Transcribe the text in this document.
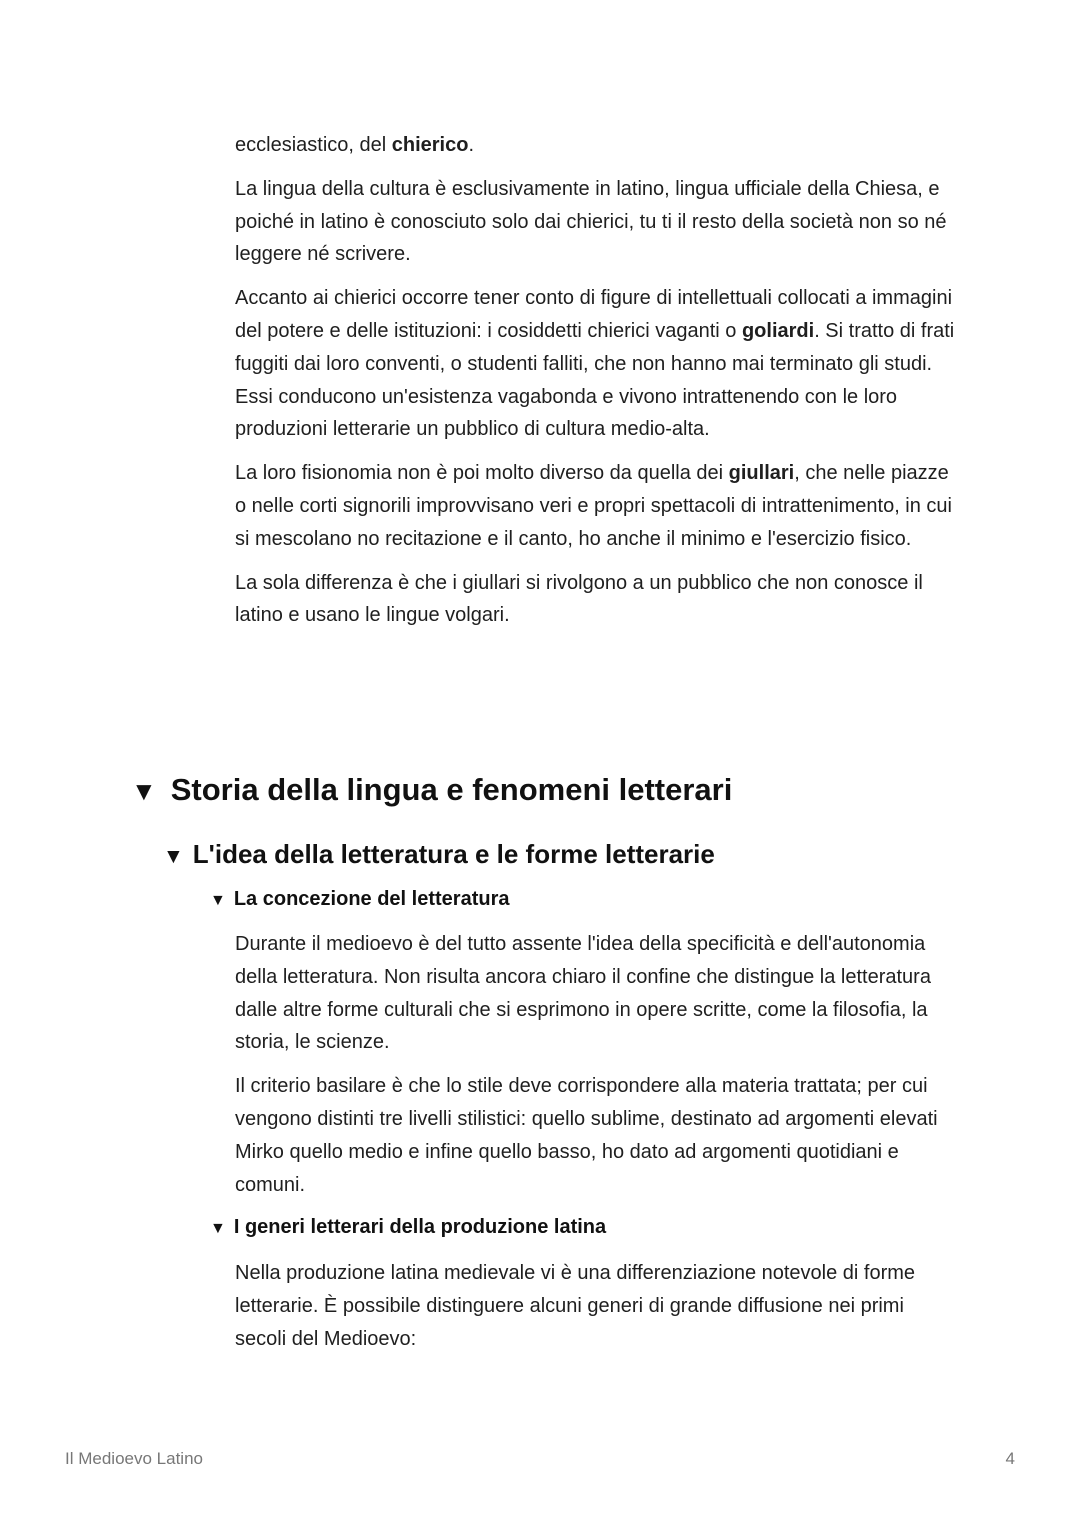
ecclesiastico, del chierico.

La lingua della cultura è esclusivamente in latino, lingua ufficiale della Chiesa, e poiché in latino è conosciuto solo dai chierici, tu ti il resto della società non so né leggere né scrivere.

Accanto ai chierici occorre tener conto di figure di intellettuali collocati a immagini del potere e delle istituzioni: i cosiddetti chierici vaganti o goliardi. Si tratto di frati fuggiti dai loro conventi, o studenti falliti, che non hanno mai terminato gli studi. Essi conducono un'esistenza vagabonda e vivono intrattenendo con le loro produzioni letterarie un pubblico di cultura medio-alta.

La loro fisionomia non è poi molto diverso da quella dei giullari, che nelle piazze o nelle corti signorili improvvisano veri e propri spettacoli di intrattenimento, in cui si mescolano no recitazione e il canto, ho anche il minimo e l'esercizio fisico.

La sola differenza è che i giullari si rivolgono a un pubblico che non conosce il latino e usano le lingue volgari.

▼ Storia della lingua e fenomeni letterari
▼ L'idea della letteratura e le forme letterarie
▼ La concezione del letteratura

Durante il medioevo è del tutto assente l'idea della specificità e dell'autonomia della letteratura. Non risulta ancora chiaro il confine che distingue la letteratura dalle altre forme culturali che si esprimono in opere scritte, come la filosofia, la storia, le scienze.

Il criterio basilare è che lo stile deve corrispondere alla materia trattata; per cui vengono distinti tre livelli stilistici: quello sublime, destinato ad argomenti elevati Mirko quello medio e infine quello basso, ho dato ad argomenti quotidiani e comuni.

▼ I generi letterari della produzione latina

Nella produzione latina medievale vi è una differenziazione notevole di forme letterarie. È possibile distinguere alcuni generi di grande diffusione nei primi secoli del Medioevo:

Il Medioevo Latino	4
